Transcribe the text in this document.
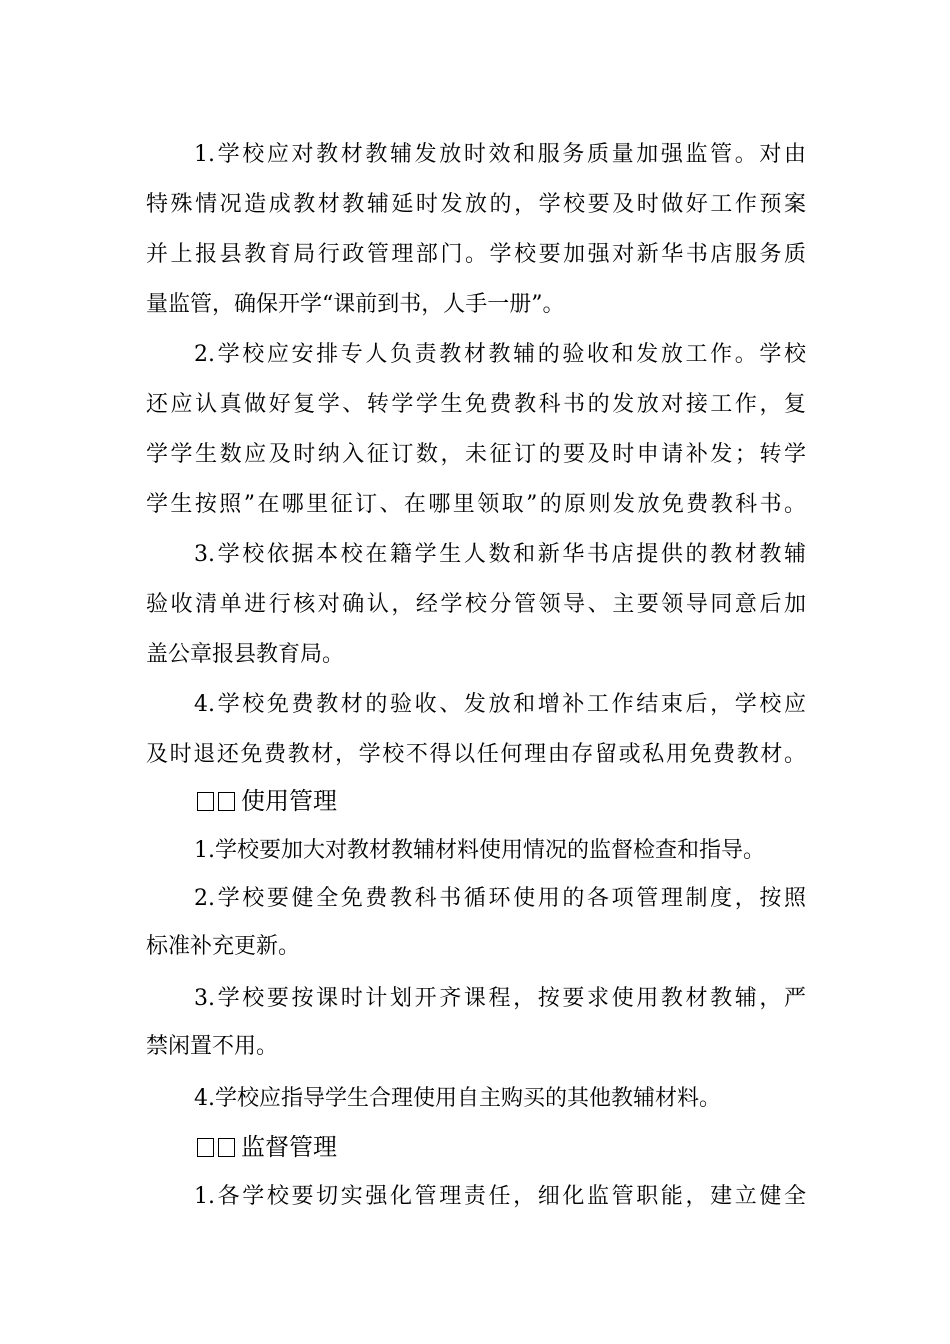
1.学校应对教材教辅发放时效和服务质量加强监管。对由
特殊情况造成教材教辅延时发放的，学校要及时做好工作预案
并上报县教育局行政管理部门。学校要加强对新华书店服务质
量监管，确保开学“课前到书，人手一册”。
2.学校应安排专人负责教材教辅的验收和发放工作。学校
还应认真做好复学、转学学生免费教科书的发放对接工作，复
学学生数应及时纳入征订数，未征订的要及时申请补发；转学
学生按照”在哪里征订、在哪里领取”的原则发放免费教科书。
3.学校依据本校在籍学生人数和新华书店提供的教材教辅
验收清单进行核对确认，经学校分管领导、主要领导同意后加
盖公章报县教育局。
4.学校免费教材的验收、发放和增补工作结束后，学校应
及时退还免费教材，学校不得以任何理由存留或私用免费教材。
使用管理
1.学校要加大对教材教辅材料使用情况的监督检查和指导。
2.学校要健全免费教科书循环使用的各项管理制度，按照
标准补充更新。
3.学校要按课时计划开齐课程，按要求使用教材教辅，严
禁闲置不用。
4.学校应指导学生合理使用自主购买的其他教辅材料。
监督管理
1.各学校要切实强化管理责任，细化监管职能，建立健全
